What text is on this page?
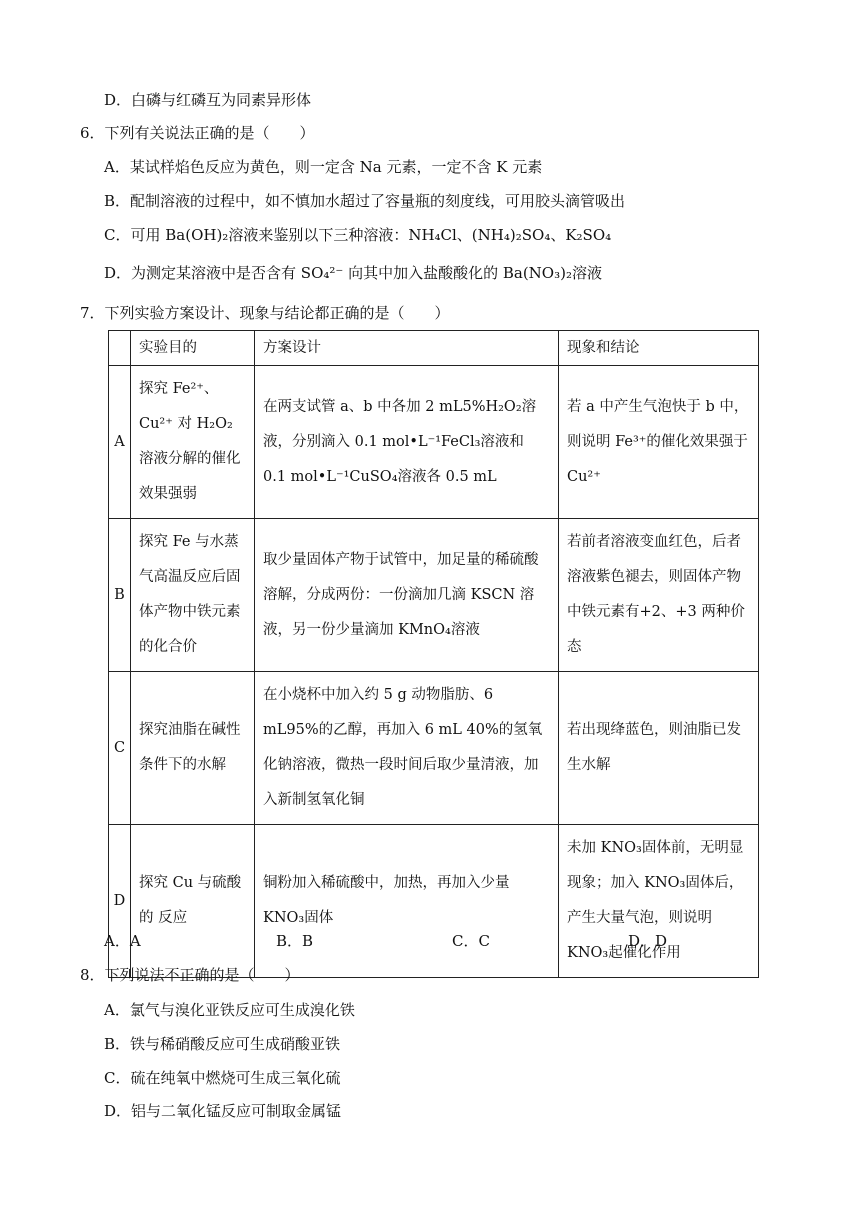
D． 白磷与红磷互为同素异形体
6．下列有关说法正确的是（　　）
A． 某试样焰色反应为黄色，则一定含 Na 元素，一定不含 K 元素
B． 配制溶液的过程中，如不慎加水超过了容量瓶的刻度线，可用胶头滴管吸出
C． 可用 Ba(OH)₂溶液来鉴别以下三种溶液：NH₄Cl、(NH₄)₂SO₄、K₂SO₄
D． 为测定某溶液中是否含有 SO₄²⁻ 向其中加入盐酸酸化的 Ba(NO₃)₂溶液
7．下列实验方案设计、现象与结论都正确的是（　　）
	实验目的	方案设计	现象和结论
A	探究 Fe²⁺、Cu²⁺ 对 H₂O₂溶液分解的催化效果强弱	在两支试管 a、b 中各加 2 mL5%H₂O₂溶液，分别滴入 0.1 mol•L⁻¹FeCl₃溶液和 0.1 mol•L⁻¹CuSO₄溶液各 0.5 mL	若 a 中产生气泡快于 b 中，则说明 Fe³⁺的催化效果强于 Cu²⁺
B	探究 Fe 与水蒸气高温反应后固体产物中铁元素的化合价	取少量固体产物于试管中，加足量的稀硫酸溶解，分成两份：一份滴加几滴 KSCN 溶液，另一份少量滴加 KMnO₄溶液	若前者溶液变血红色，后者溶液紫色褪去，则固体产物中铁元素有+2、+3 两种价态
C	探究油脂在碱性条件下的水解	在小烧杯中加入约 5 g 动物脂肪、6 mL95%的乙醇，再加入 6 mL 40%的氢氧化钠溶液，微热一段时间后取少量清液，加入新制氢氧化铜	若出现绛蓝色，则油脂已发生水解
D	探究 Cu 与硫酸的 反应	铜粉加入稀硫酸中，加热，再加入少量 KNO₃固体	未加 KNO₃固体前，无明显现象；加入 KNO₃固体后，产生大量气泡，则说明 KNO₃起催化作用
A．A	B．B	C．C	D．D
8．下列说法不正确的是（　　）
A． 氯气与溴化亚铁反应可生成溴化铁
B． 铁与稀硝酸反应可生成硝酸亚铁
C． 硫在纯氧中燃烧可生成三氧化硫
D． 铝与二氧化锰反应可制取金属锰
